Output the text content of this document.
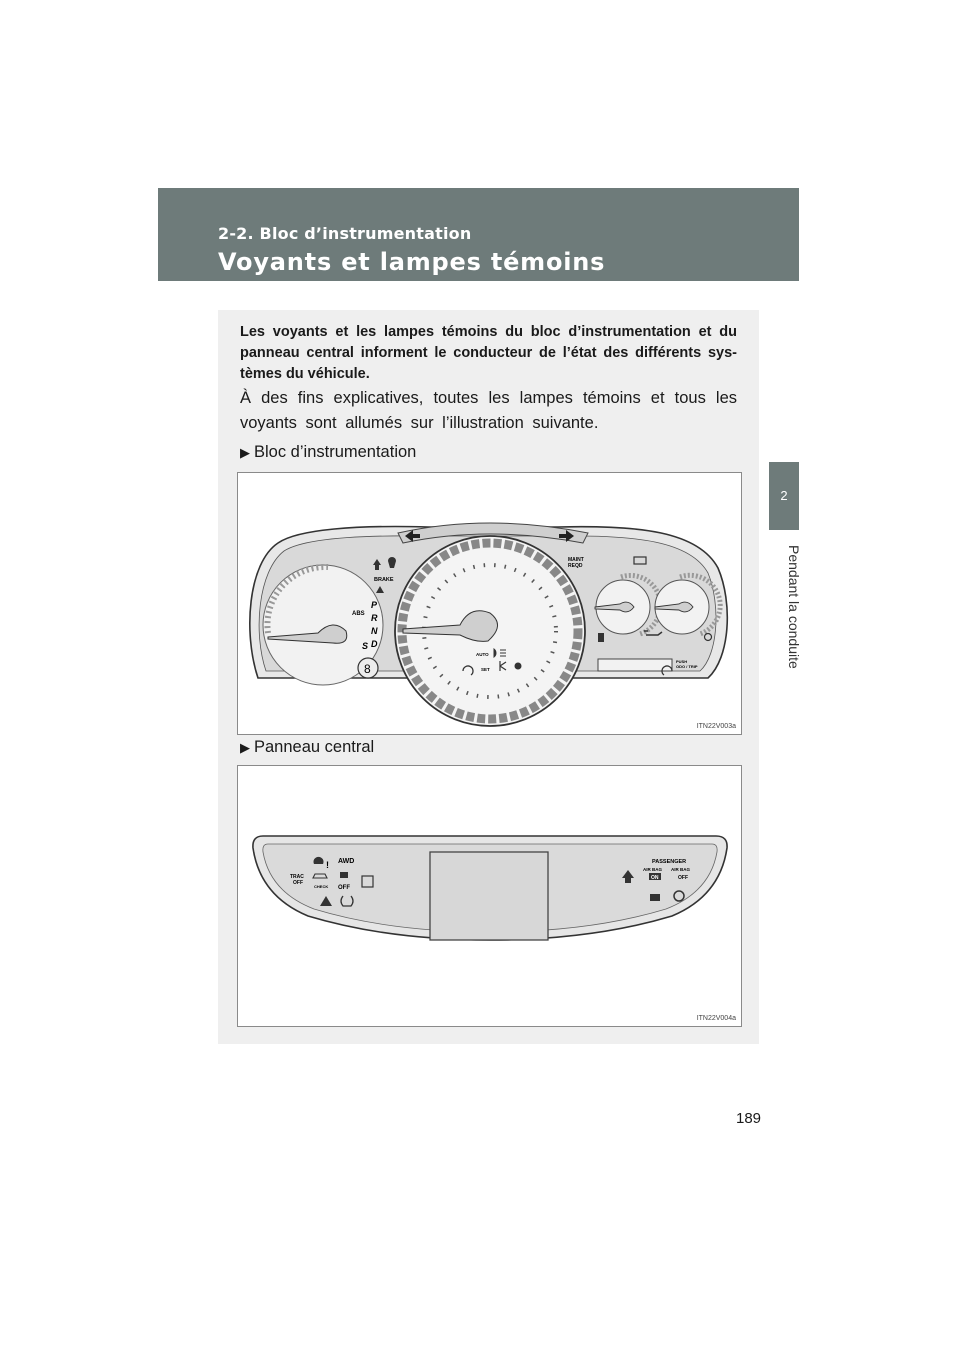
2-2. Bloc d’instrumentation
Voyants et lampes témoins
2
Pendant la conduite
Les voyants et les lampes témoins du bloc d’instrumentation et du panneau central informent le conducteur de l’état des différents systèmes du véhicule.
À des fins explicatives, toutes les lampes témoins et tous les voyants sont allumés sur l’illustration suivante.
▶ Bloc d’instrumentation
8
BRAKE
ABS
P
R
N
D
S
SET
AUTO
MAINT
REQD
PUSH
ODO / TRIP
ITN22V003a
▶ Panneau central
! AWD
TRAC
OFF
CHECK OFF
PASSENGER
AIR BAG
ON
AIR BAG
OFF
ITN22V004a
189
